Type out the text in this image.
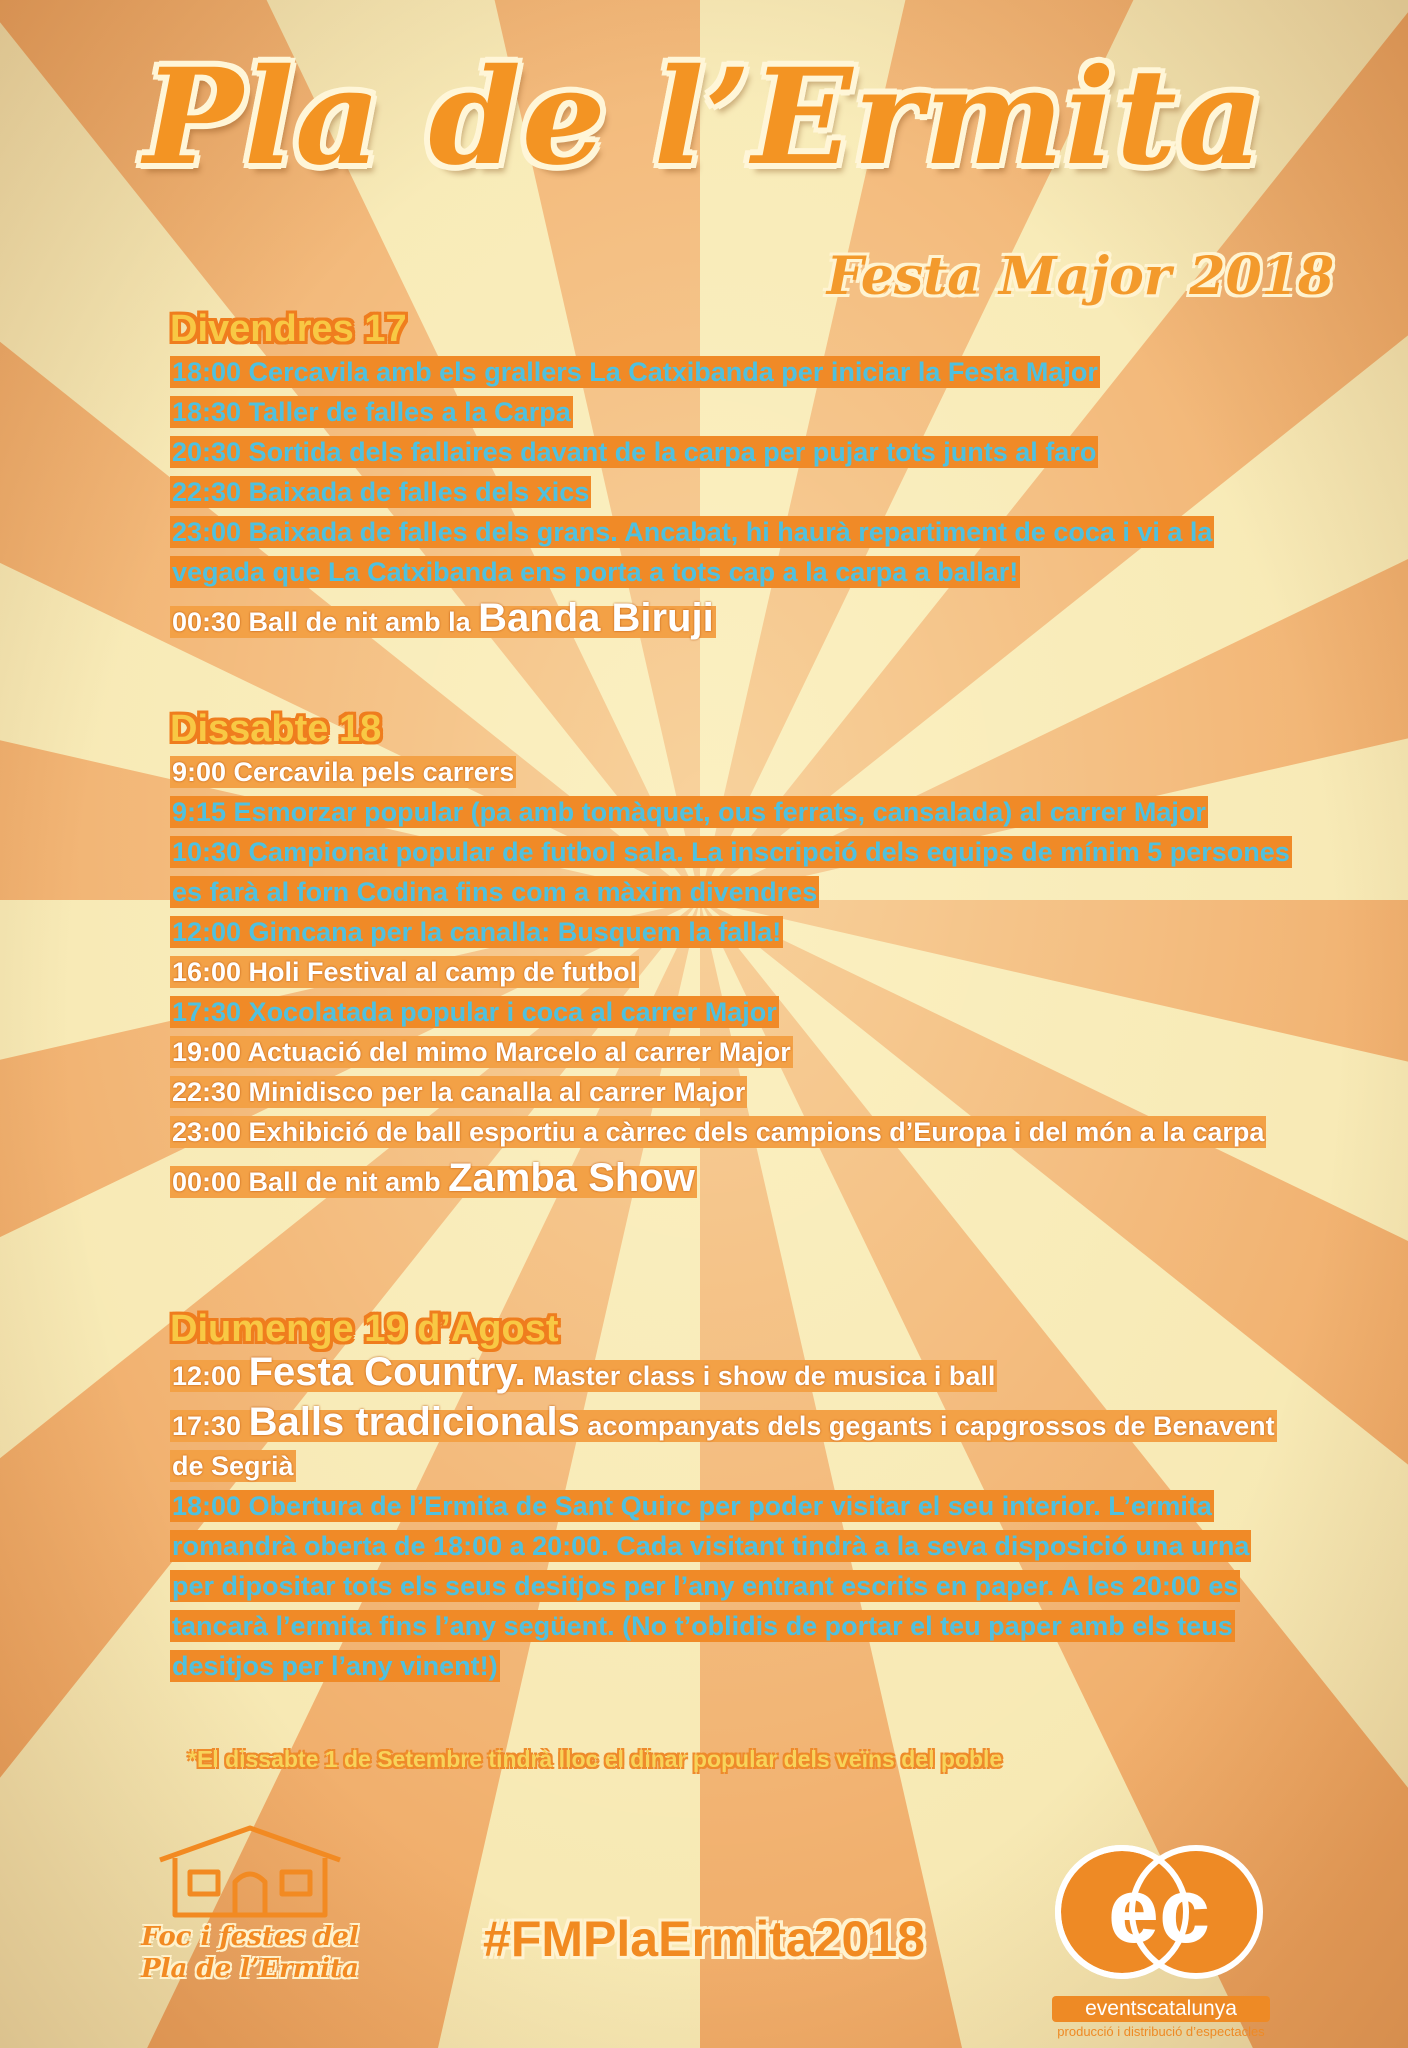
Pla de l’Ermita
Festa Major 2018

Divendres 17

18:00 Cercavila amb els grallers La Catxibanda per iniciar la Festa Major

18:30 Taller de falles a la Carpa

20:30 Sortida dels fallaires davant de la carpa per pujar tots junts al faro

22:30 Baixada de falles dels xics

23:00 Baixada de falles dels grans. Ancabat, hi haurà repartiment de coca i vi a la vegada que La Catxibanda ens porta a tots cap a la carpa a ballar!

00:30 Ball de nit amb la Banda Biruji

Dissabte 18

9:00 Cercavila pels carrers

9:15 Esmorzar popular (pa amb tomàquet, ous ferrats, cansalada) al carrer Major

10:30 Campionat popular de futbol sala. La inscripció dels equips de mínim 5 persones es farà al forn Codina fins com a màxim divendres

12:00 Gimcana per la canalla: Busquem la falla!

16:00 Holi Festival al camp de futbol

17:30 Xocolatada popular i coca al carrer Major

19:00 Actuació del mimo Marcelo al carrer Major

22:30 Minidisco per la canalla al carrer Major

23:00 Exhibició de ball esportiu a càrrec dels campions d’Europa i del món a la carpa

00:00 Ball de nit amb Zamba Show

Diumenge 19 d’Agost

12:00 Festa Country. Master class i show de musica i ball

17:30 Balls tradicionals acompanyats dels gegants i capgrossos de Benavent de Segrià

18:00 Obertura de l’Ermita de Sant Quirc per poder visitar el seu interior. L’ermita romandrà oberta de 18:00 a 20:00. Cada visitant tindrà a la seva disposició una urna per dipositar tots els seus desitjos per l’any entrant escrits en paper. A les 20:00 es tancarà l’ermita fins l’any següent. (No t’oblidis de portar el teu paper amb els teus desitjos per l’any vinent!)

*El dissabte 1 de Setembre tindrà lloc el dinar popular dels veïns del poble
Foc i festes del
Pla de l’Ermita
#FMPlaErmita2018	ec
eventscatalunya
producció i distribució d’espectacles
